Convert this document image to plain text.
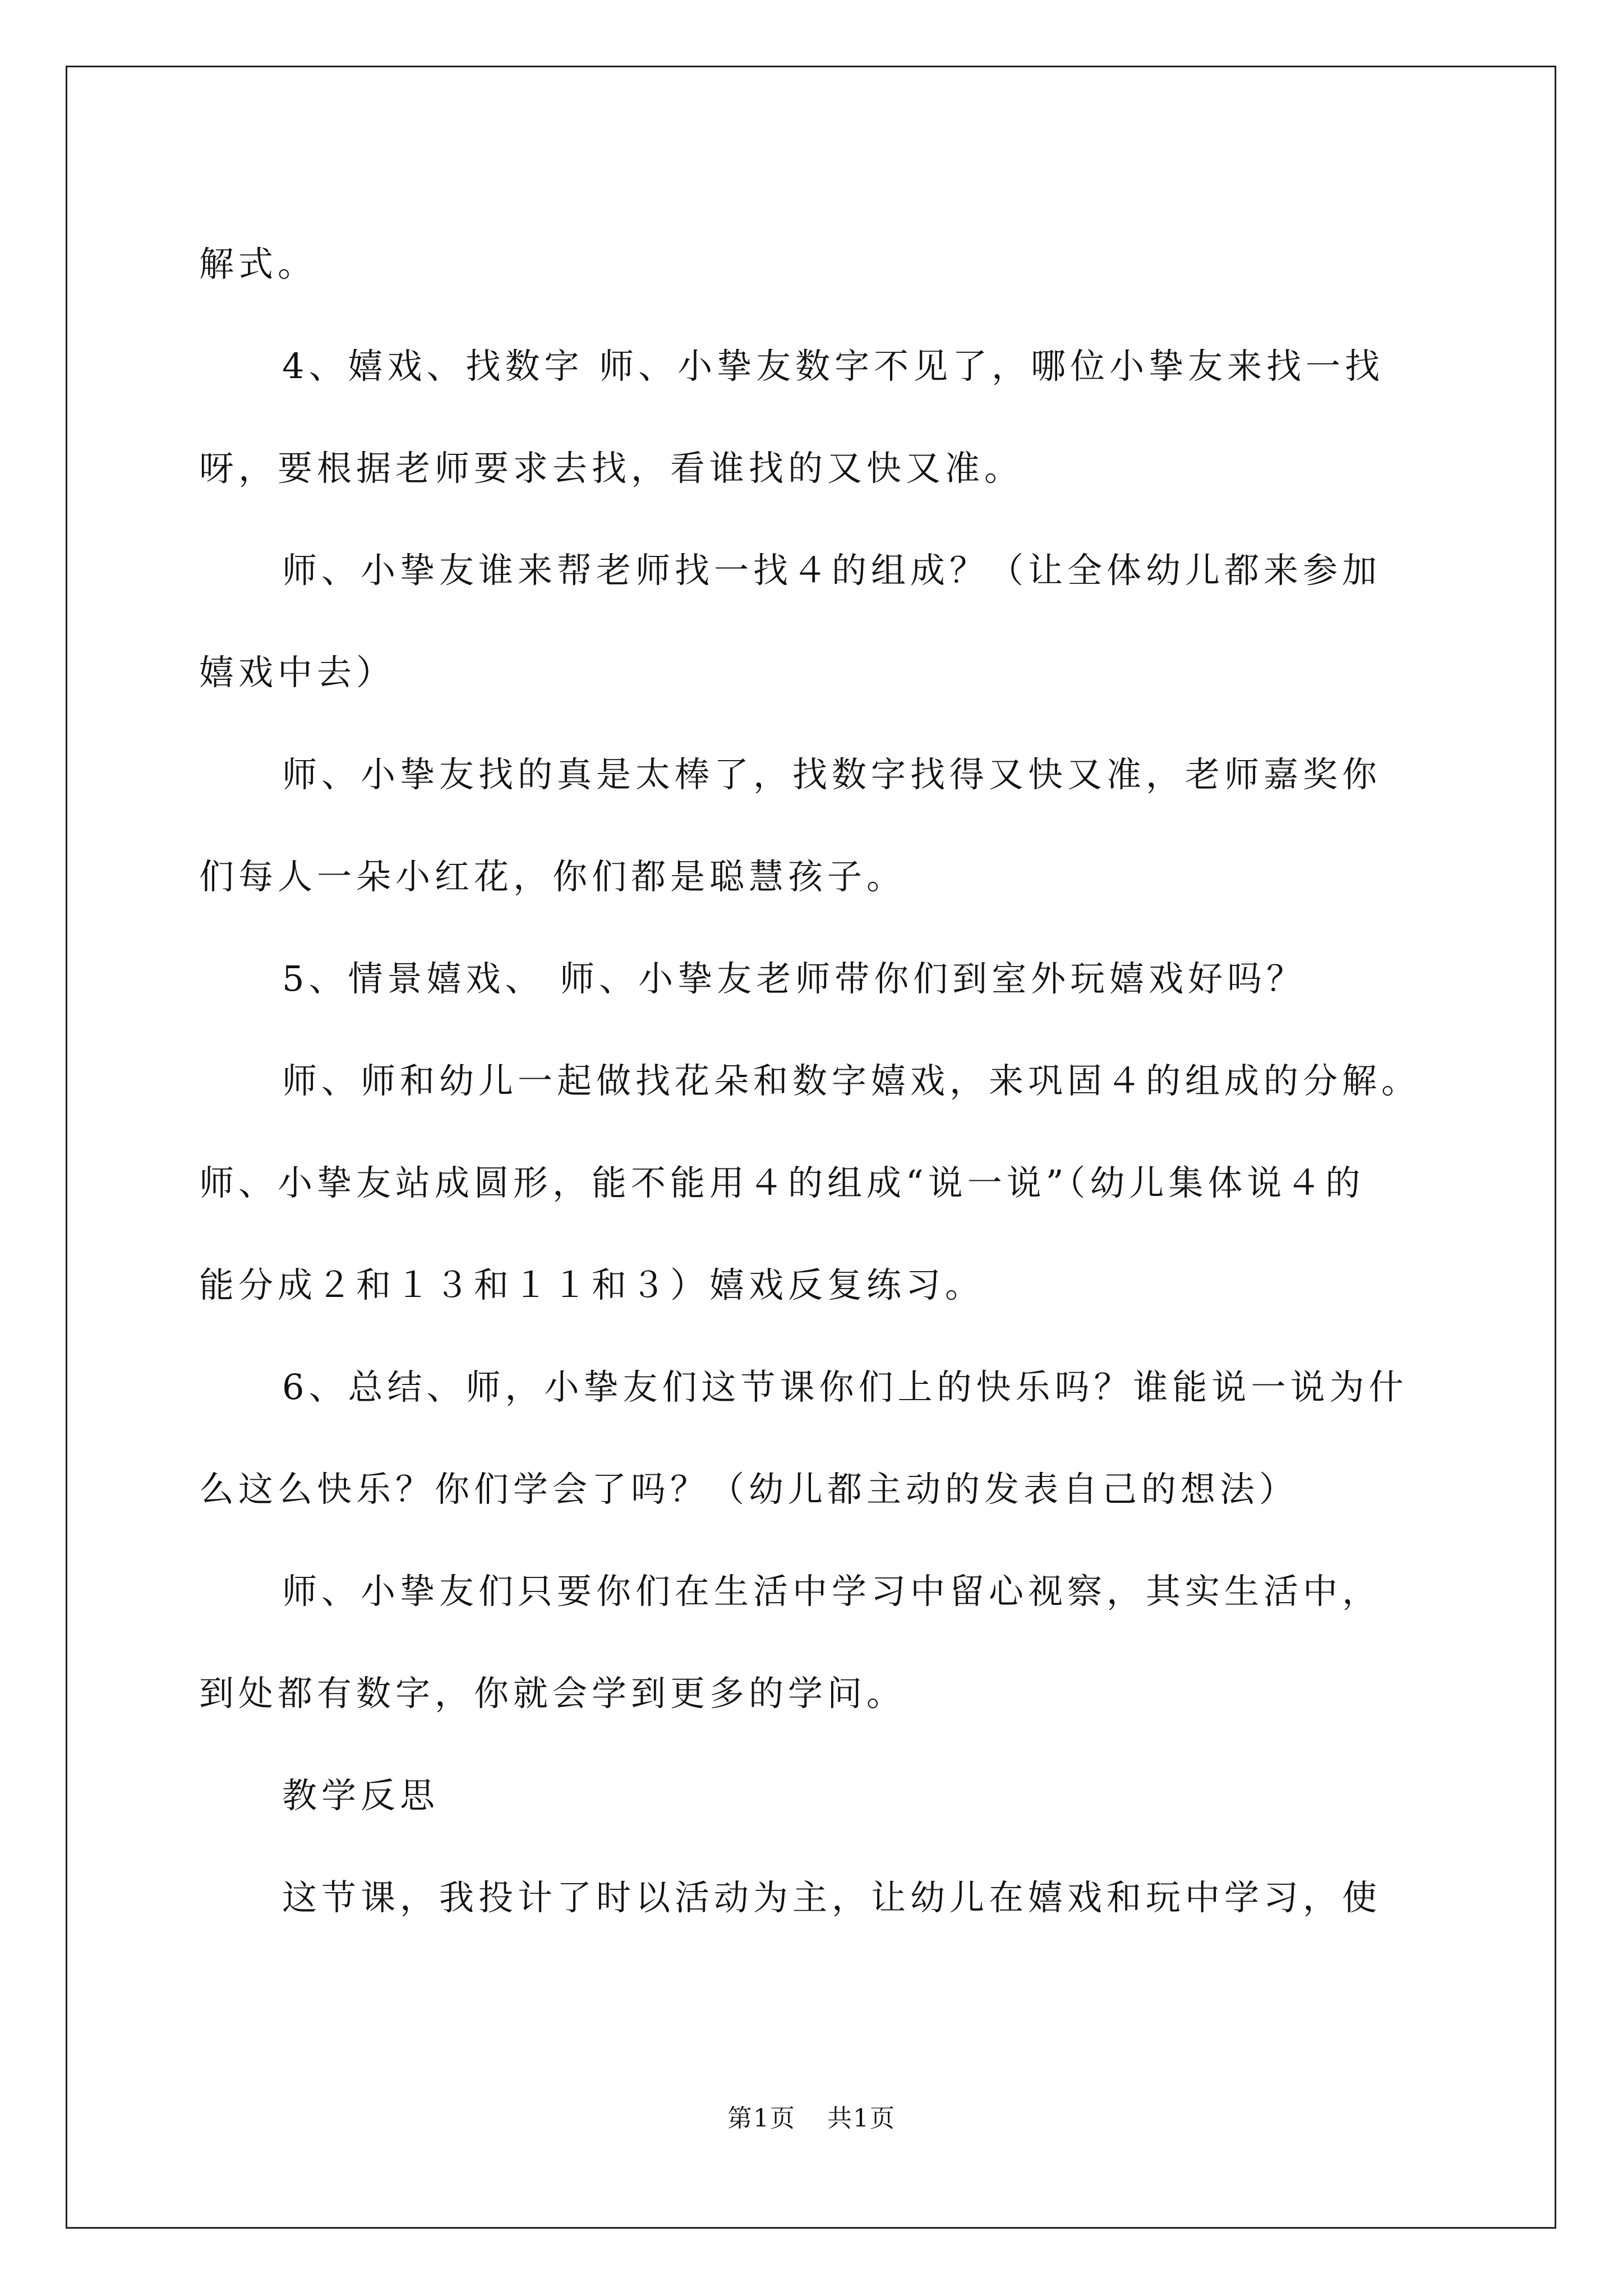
解式。

4、嬉戏、找数字 师、小挚友数字不见了，哪位小挚友来找一找

呀，要根据老师要求去找，看谁找的又快又准。

师、小挚友谁来帮老师找一找４的组成？（让全体幼儿都来参加

嬉戏中去）

师、小挚友找的真是太棒了，找数字找得又快又准，老师嘉奖你

们每人一朵小红花，你们都是聪慧孩子。

5、情景嬉戏、 师、小挚友老师带你们到室外玩嬉戏好吗？

师、师和幼儿一起做找花朵和数字嬉戏，来巩固４的组成的分解。

师、小挚友站成圆形，能不能用４的组成“说一说”（幼儿集体说４的

能分成２和１３和１１和３）嬉戏反复练习。

6、总结、师，小挚友们这节课你们上的快乐吗？谁能说一说为什

么这么快乐？你们学会了吗？（幼儿都主动的发表自己的想法）

师、小挚友们只要你们在生活中学习中留心视察，其实生活中，

到处都有数字，你就会学到更多的学问。

教学反思

这节课，我投计了时以活动为主，让幼儿在嬉戏和玩中学习，使

第1页 共1页
